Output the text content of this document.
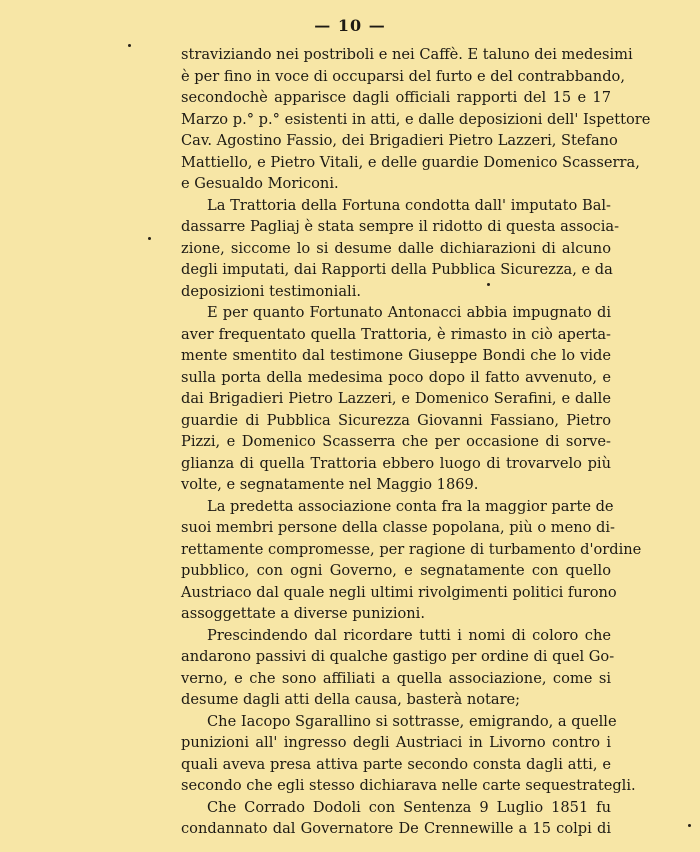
— 10 —
straviziando nei postriboli e nei Caffè. E taluno dei medesimi
è per fino in voce di occuparsi del furto e del contrabbando,
secondochè apparisce dagli officiali rapporti del 15 e 17
Marzo p.° p.° esistenti in atti, e dalle deposizioni dell' Ispettore
Cav. Agostino Fassio, dei Brigadieri Pietro Lazzeri, Stefano
Mattiello, e Pietro Vitali, e delle guardie Domenico Scasserra,
e Gesualdo Moriconi.
La Trattoria della Fortuna condotta dall' imputato Bal-
dassarre Pagliaj è stata sempre il ridotto di questa associa-
zione, siccome lo si desume dalle dichiarazioni di alcuno
degli imputati, dai Rapporti della Pubblica Sicurezza, e da
deposizioni testimoniali.
E per quanto Fortunato Antonacci abbia impugnato di
aver frequentato quella Trattoria, è rimasto in ciò aperta-
mente smentito dal testimone Giuseppe Bondi che lo vide
sulla porta della medesima poco dopo il fatto avvenuto, e
dai Brigadieri Pietro Lazzeri, e Domenico Serafini, e dalle
guardie di Pubblica Sicurezza Giovanni Fassiano, Pietro
Pizzi, e Domenico Scasserra che per occasione di sorve-
glianza di quella Trattoria ebbero luogo di trovarvelo più
volte, e segnatamente nel Maggio 1869.
La predetta associazione conta fra la maggior parte de
suoi membri persone della classe popolana, più o meno di-
rettamente compromesse, per ragione di turbamento d'ordine
pubblico, con ogni Governo, e segnatamente con quello
Austriaco dal quale negli ultimi rivolgimenti politici furono
assoggettate a diverse punizioni.
Prescindendo dal ricordare tutti i nomi di coloro che
andarono passivi di qualche gastigo per ordine di quel Go-
verno, e che sono affiliati a quella associazione, come si
desume dagli atti della causa, basterà notare;
Che Iacopo Sgarallino si sottrasse, emigrando, a quelle
punizioni all' ingresso degli Austriaci in Livorno contro i
quali aveva presa attiva parte secondo consta dagli atti, e
secondo che egli stesso dichiarava nelle carte sequestrategli.
Che Corrado Dodoli con Sentenza 9 Luglio 1851 fu
condannato dal Governatore De Crennewille a 15 colpi di
